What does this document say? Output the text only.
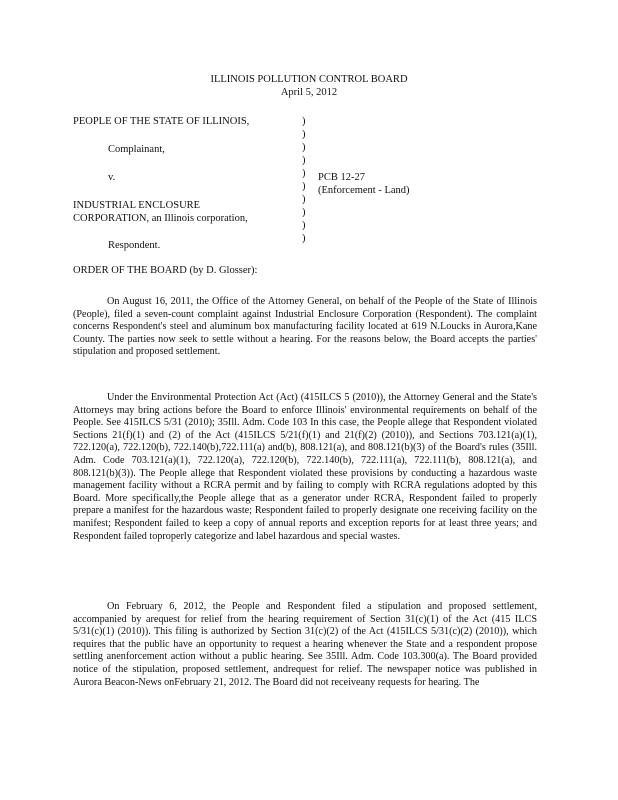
ILLINOIS POLLUTION CONTROL BOARD
April 5, 2012
PEOPLE OF THE STATE OF ILLINOIS,
Complainant,
v.
INDUSTRIAL ENCLOSURE
CORPORATION, an Illinois corporation,
Respondent.
)
)
)
)
)
)
)
)
)
)
PCB 12-27
(Enforcement - Land)
ORDER OF THE BOARD (by D. Glosser):

On August 16, 2011, the Office of the Attorney General, on behalf of the People of the State of Illinois (People), filed a seven-count complaint against Industrial Enclosure Corporation (Respondent). The complaint concerns Respondent's steel and aluminum box manufacturing facility located at 619 N.Loucks in Aurora,Kane County. The parties now seek to settle without a hearing. For the reasons below, the Board accepts the parties' stipulation and proposed settlement.

Under the Environmental Protection Act (Act) (415ILCS 5 (2010)), the Attorney General and the State's Attorneys may bring actions before the Board to enforce Illinois' environmental requirements on behalf of the People. See 415ILCS 5/31 (2010); 35Ill. Adm. Code 103 In this case, the People allege that Respondent violated Sections 21(f)(1) and (2) of the Act (415ILCS 5/21(f)(1) and 21(f)(2) (2010)), and Sections 703.121(a)(1), 722.120(a), 722.120(b), 722.140(b),722.111(a) and(b), 808.121(a), and 808.121(b)(3) of the Board's rules (35Ill. Adm. Code 703.121(a)(1), 722.120(a), 722.120(b), 722.140(b), 722.111(a), 722.111(b), 808.121(a), and 808.121(b)(3)). The People allege that Respondent violated these provisions by conducting a hazardous waste management facility without a RCRA permit and by failing to comply with RCRA regulations adopted by this Board. More specifically,the People allege that as a generator under RCRA, Respondent failed to properly prepare a manifest for the hazardous waste; Respondent failed to properly designate one receiving facility on the manifest; Respondent failed to keep a copy of annual reports and exception reports for at least three years; and Respondent failed toproperly categorize and label hazardous and special wastes.

On February 6, 2012, the People and Respondent filed a stipulation and proposed settlement, accompanied by arequest for relief from the hearing requirement of Section 31(c)(1) of the Act (415 ILCS 5/31(c)(1) (2010)). This filing is authorized by Section 31(c)(2) of the Act (415ILCS 5/31(c)(2) (2010)), which requires that the public have an opportunity to request a hearing whenever the State and a respondent propose settling anenforcement action without a public hearing. See 35Ill. Adm. Code 103.300(a). The Board provided notice of the stipulation, proposed settlement, andrequest for relief. The newspaper notice was published in Aurora Beacon-News onFebruary 21, 2012. The Board did not receiveany requests for hearing. The
